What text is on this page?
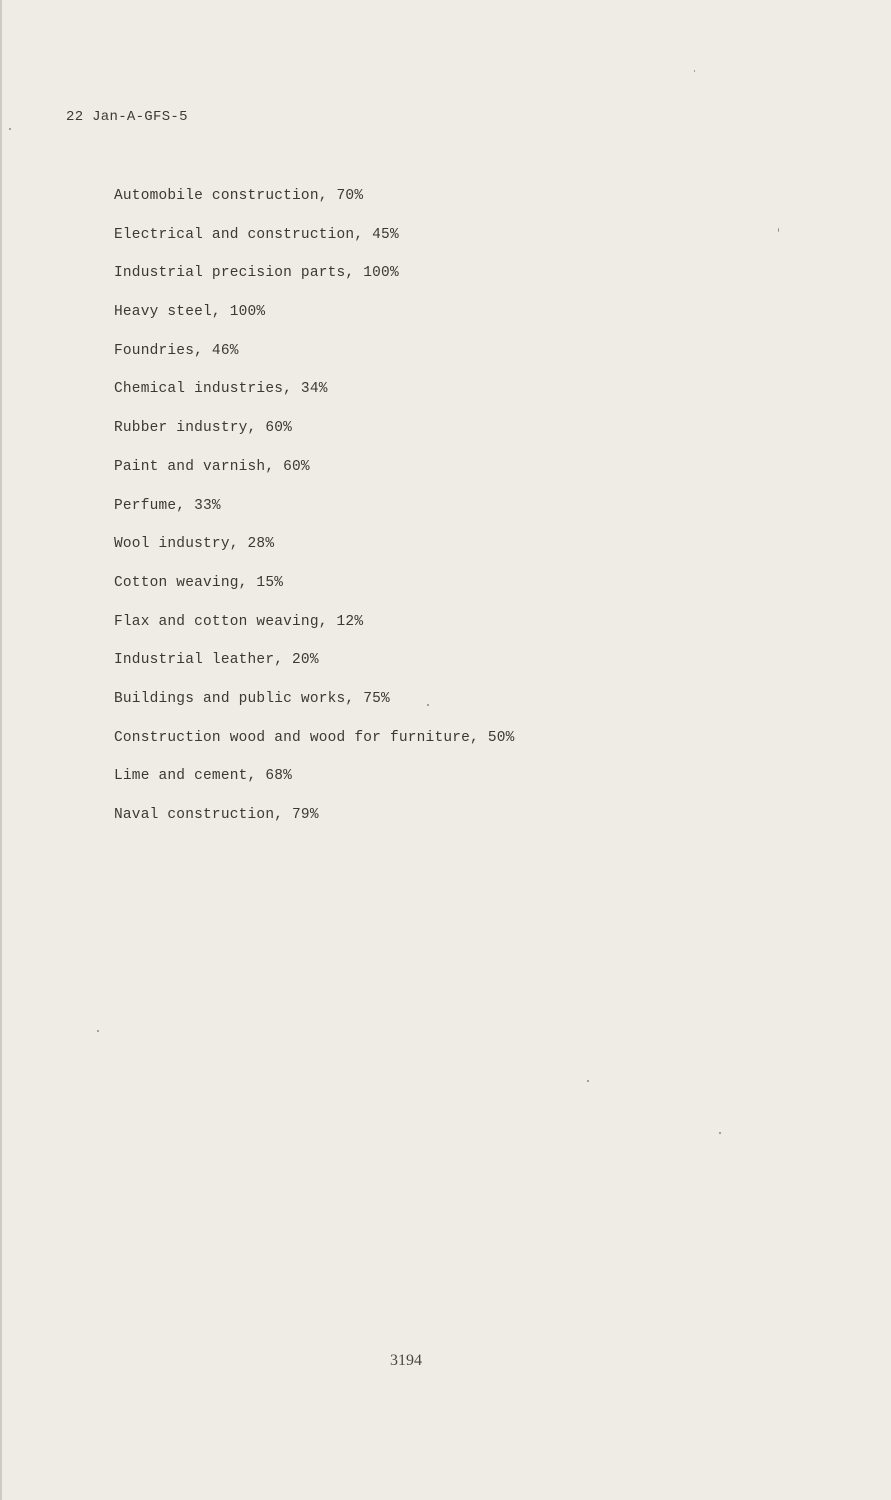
22 Jan-A-GFS-5
Automobile construction, 70%
Electrical and construction, 45%
Industrial precision parts, 100%
Heavy steel, 100%
Foundries, 46%
Chemical industries, 34%
Rubber industry, 60%
Paint and varnish, 60%
Perfume, 33%
Wool industry, 28%
Cotton weaving, 15%
Flax and cotton weaving, 12%
Industrial leather, 20%
Buildings and public works, 75%
Construction wood and wood for furniture, 50%
Lime and cement, 68%
Naval construction, 79%
3194
